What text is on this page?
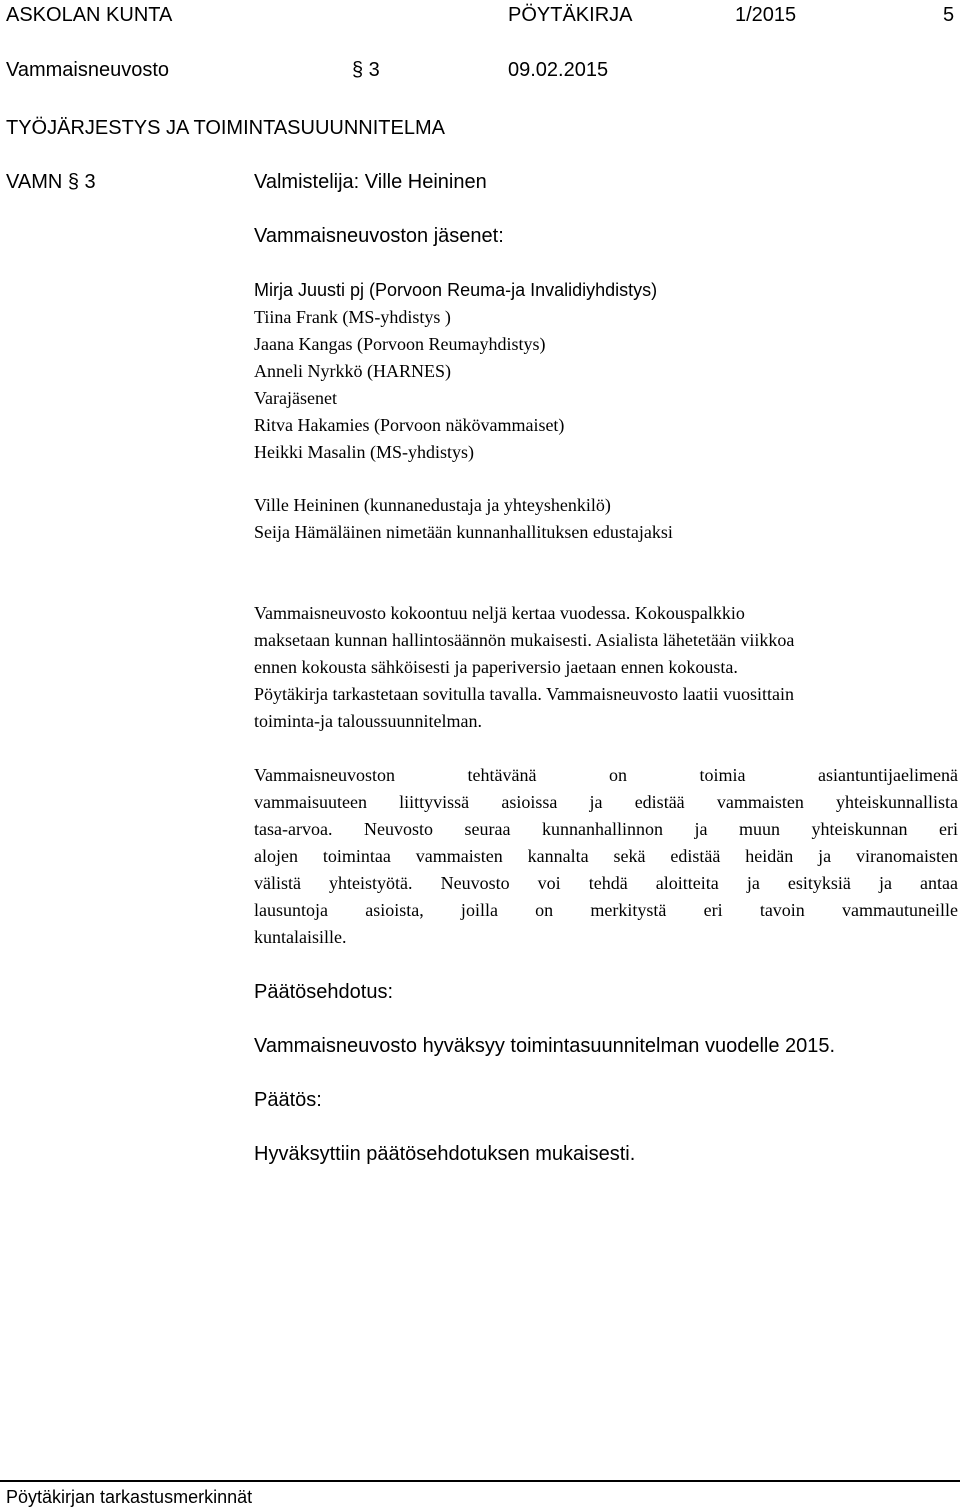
ASKOLAN KUNTA	PÖYTÄKIRJA	1/2015	5
Vammaisneuvosto	§ 3	09.02.2015
TYÖJÄRJESTYS JA TOIMINTASUUUNNITELMA
VAMN § 3	Valmistelija: Ville Heininen
Vammaisneuvoston jäsenet:
Mirja Juusti pj (Porvoon Reuma-ja Invalidiyhdistys)
Tiina Frank (MS-yhdistys )
Jaana Kangas (Porvoon Reumayhdistys)
Anneli Nyrkkö (HARNES)
Varajäsenet
Ritva Hakamies (Porvoon näkövammaiset)
Heikki Masalin (MS-yhdistys)
Ville Heininen (kunnanedustaja ja yhteyshenkilö)
Seija Hämäläinen nimetään kunnanhallituksen edustajaksi
Vammaisneuvosto kokoontuu neljä kertaa vuodessa. Kokouspalkkio
maksetaan kunnan hallintosäännön mukaisesti. Asialista lähetetään viikkoa
ennen kokousta sähköisesti ja paperiversio jaetaan ennen kokousta.
Pöytäkirja tarkastetaan sovitulla tavalla. Vammaisneuvosto laatii vuosittain
toiminta-ja taloussuunnitelman.
Vammaisneuvoston tehtävänä on toimia asiantuntijaelimenä
vammaisuuteen liittyvissä asioissa ja edistää vammaisten yhteiskunnallista
tasa-arvoa. Neuvosto seuraa kunnanhallinnon ja muun yhteiskunnan eri
alojen toimintaa vammaisten kannalta sekä edistää heidän ja viranomaisten
välistä yhteistyötä. Neuvosto voi tehdä aloitteita ja esityksiä ja antaa
lausuntoja asioista, joilla on merkitystä eri tavoin vammautuneille
kuntalaisille.
Päätösehdotus:
Vammaisneuvosto hyväksyy toimintasuunnitelman vuodelle 2015.
Päätös:
Hyväksyttiin päätösehdotuksen mukaisesti.
Pöytäkirjan tarkastusmerkinnät
